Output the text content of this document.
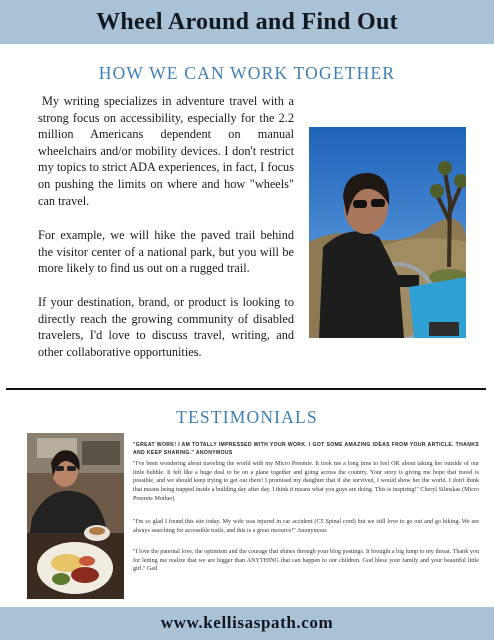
Wheel Around and Find Out
HOW WE CAN WORK TOGETHER

My writing specializes in adventure travel with a strong focus on accessibility, especially for the 2.2 million Americans dependent on manual wheelchairs and/or mobility devices. I don't restrict my topics to strict ADA experiences, in fact, I focus on pushing the limits on where and how "wheels" can travel.

For example, we will hike the paved trail behind the visitor center of a national park, but you will be more likely to find us out on a rugged trail.

If your destination, brand, or product is looking to directly reach the growing community of disabled travelers, I'd love to discuss travel, writing, and other collaborative opportunities.

TESTIMONIALS

"GREAT WORK! I AM TOTALLY IMPRESSED WITH YOUR WORK. I GOT SOME AMAZING IDEAS FROM YOUR ARTICLE. THANKS AND KEEP SHARING." ANONYMOUS

"I've been wondering about traveling the world with my Micro Preemie. It took me a long time to feel OK about taking her outside of our little bubble. It felt like a huge deal to be on a plane together and going across the country. Your story is giving me hope that travel is possible, and we should keep trying to get out there! I promised my daughter that if she survived, I would show her the world. I don't think that means being trapped inside a building day after day. I think it means what you guys are doing. This is inspiring!" Cheryl Silinskas (Micro Preemie Mother)

"I'm so glad I found this site today. My wife was injured in car accident (C5 Spinal cord) but we still love to go out and go hiking. We are always searching for accessible trails, and this is a great resource!" Anonymous

"I love the paternal love, the optimism and the courage that shines through your blog postings. It brought a big lump to my throat. Thank you for letting me realize that we are bigger than ANYTHING that can happen to our children. God bless your family and your beautiful little girl." Gail

www.kellisaspath.com
